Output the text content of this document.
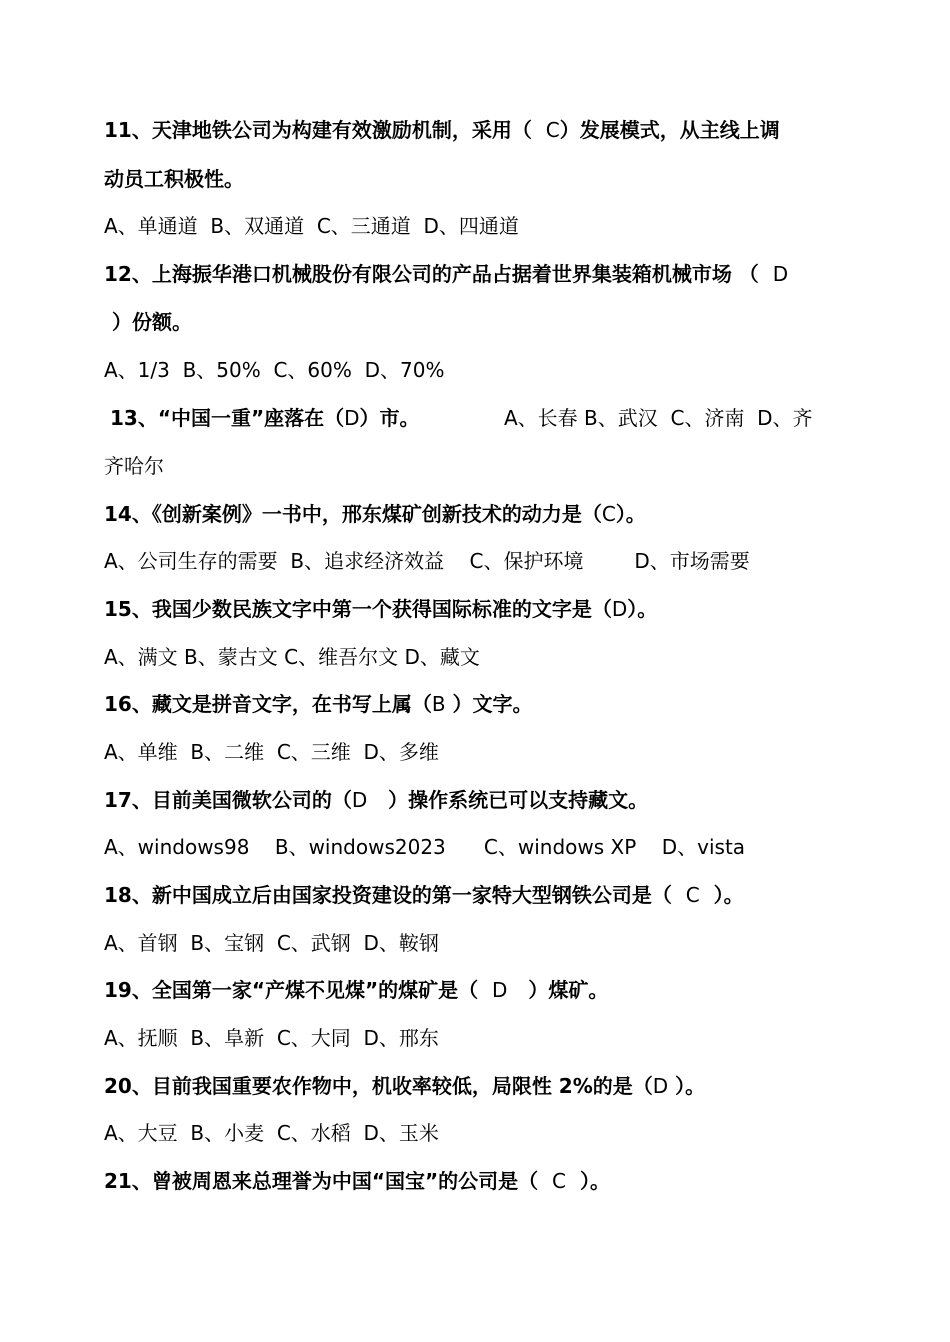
11、天津地铁公司为构建有效激励机制，采用（  C）发展模式，从主线上调
动员工积极性。
A、单通道  B、双通道  C、三通道  D、四通道
12、上海振华港口机械股份有限公司的产品占据着世界集装箱机械市场 （  D
）份额。
A、1/3  B、50%  C、60%  D、70%
13、“中国一重”座落在（D）市。	A、长春 B、武汉  C、济南  D、齐
齐哈尔
14、《创新案例》一书中，邢东煤矿创新技术的动力是（C）。
A、公司生存的需要  B、追求经济效益    C、保护环境        D、市场需要
15、我国少数民族文字中第一个获得国际标准的文字是（D）。
A、满文 B、蒙古文 C、维吾尔文 D、藏文
16、藏文是拼音文字，在书写上属（B ）文字。
A、单维  B、二维  C、三维  D、多维
17、目前美国微软公司的（D   ）操作系统已可以支持藏文。
A、windows98    B、windows2023      C、windows XP    D、vista
18、新中国成立后由国家投资建设的第一家特大型钢铁公司是（  C  ）。
A、首钢  B、宝钢  C、武钢  D、鞍钢
19、全国第一家“产煤不见煤”的煤矿是（  D   ）煤矿。
A、抚顺  B、阜新  C、大同  D、邢东
20、目前我国重要农作物中，机收率较低，局限性 2%的是（D ）。
A、大豆  B、小麦  C、水稻  D、玉米
21、曾被周恩来总理誉为中国“国宝”的公司是（  C  ）。
